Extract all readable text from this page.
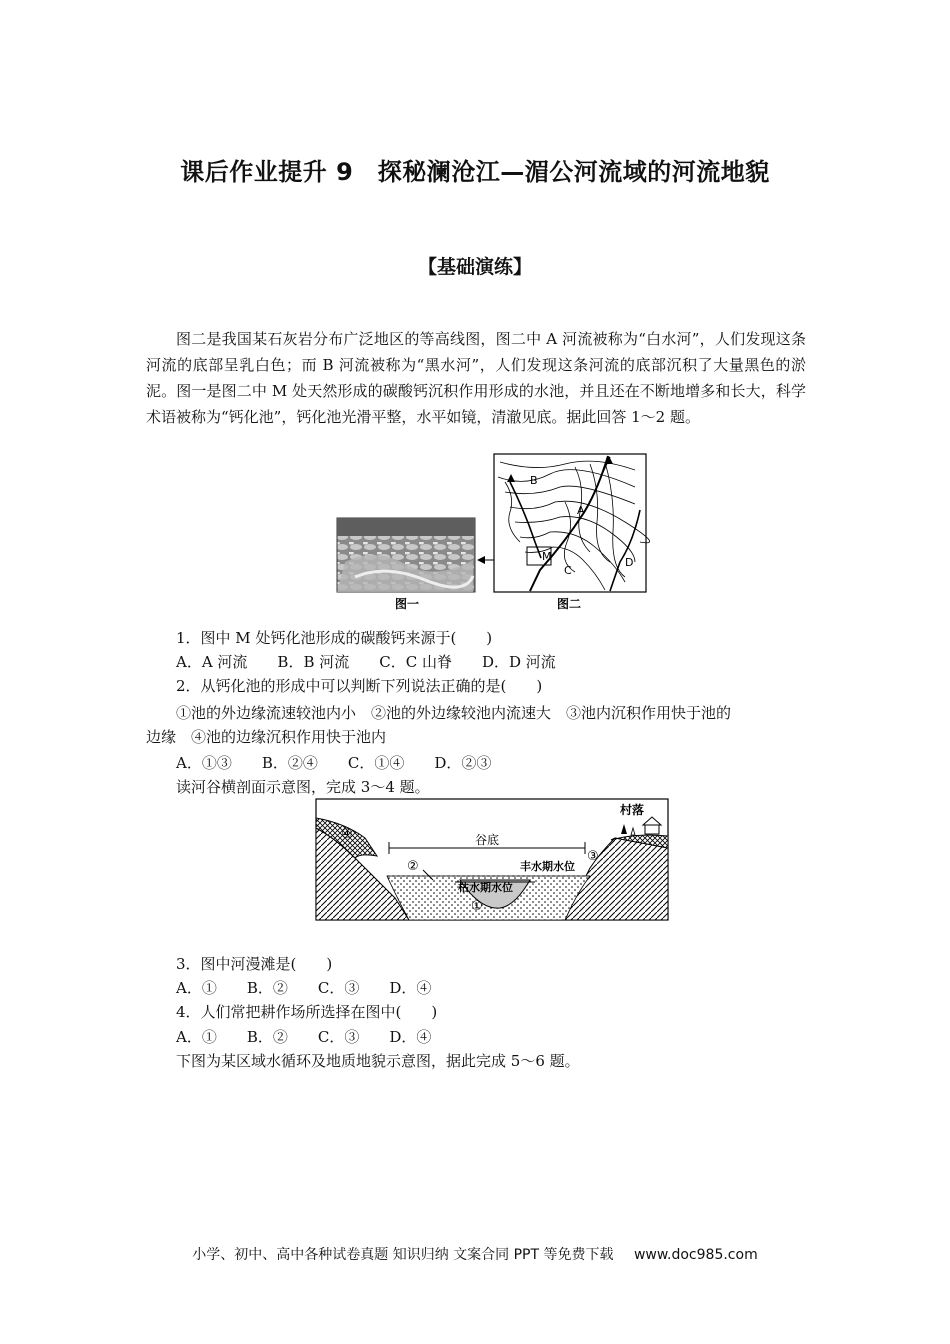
课后作业提升 9　探秘澜沧江—湄公河流域的河流地貌
【基础演练】
图二是我国某石灰岩分布广泛地区的等高线图，图二中 A 河流被称为“白水河”，人们发现这条河流的底部呈乳白色；而 B 河流被称为“黑水河”，人们发现这条河流的底部沉积了大量黑色的淤泥。图一是图二中 M 处天然形成的碳酸钙沉积作用形成的水池，并且还在不断地增多和长大，科学术语被称为“钙化池”，钙化池光滑平整，水平如镜，清澈见底。据此回答 1～2 题。
图一
B
A
M
C
D
图二
1．图中 M 处钙化池形成的碳酸钙来源于(　　)
A．A 河流　　B．B 河流　　C．C 山脊　　D．D 河流
2．从钙化池的形成中可以判断下列说法正确的是(　　)
①池的外边缘流速较池内小　②池的外边缘较池内流速大　③池内沉积作用快于池的
边缘　④池的边缘沉积作用快于池内
A．①③　　B．②④　　C．①④　　D．②③
读河谷横剖面示意图，完成 3～4 题。
谷底
丰水期水位
枯水期水位
①
②
③
④
村落
3．图中河漫滩是(　　)
A．①　　B．②　　C．③　　D．④
4．人们常把耕作场所选择在图中(　　)
A．①　　B．②　　C．③　　D．④
下图为某区域水循环及地质地貌示意图，据此完成 5～6 题。
小学、初中、高中各种试卷真题 知识归纳 文案合同 PPT 等免费下载 www.doc985.com
